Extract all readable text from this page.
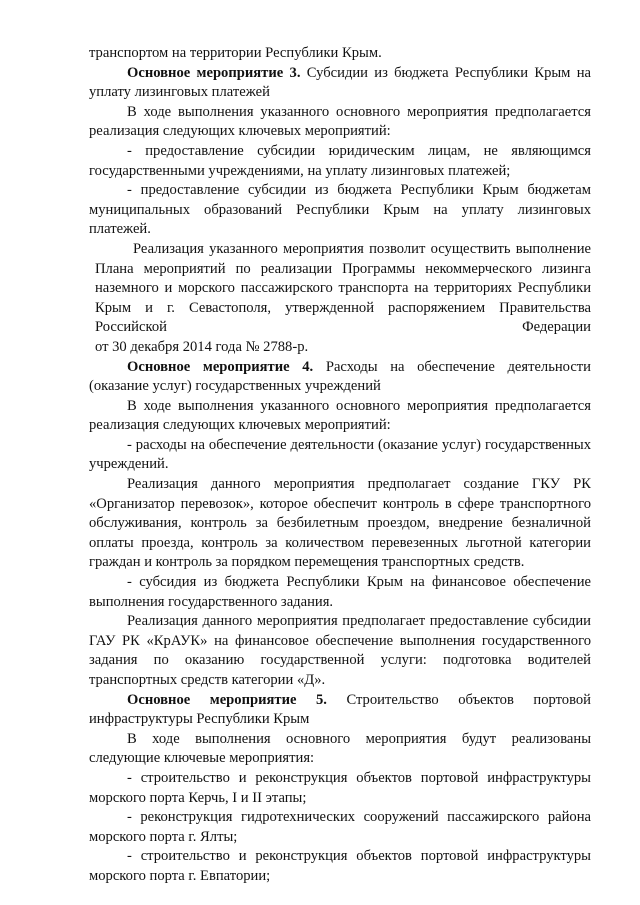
транспортом на территории Республики Крым.

Основное мероприятие 3. Субсидии из бюджета Республики Крым на уплату лизинговых платежей

В ходе выполнения указанного основного мероприятия предполагается реализация следующих ключевых мероприятий:

- предоставление субсидии юридическим лицам, не являющимся государственными учреждениями, на уплату лизинговых платежей;

- предоставление субсидии из бюджета Республики Крым бюджетам муниципальных образований Республики Крым на уплату лизинговых платежей.

Реализация указанного мероприятия позволит осуществить выполнение Плана мероприятий по реализации Программы некоммерческого лизинга наземного и морского пассажирского транспорта на территориях Республики Крым и г. Севастополя, утвержденной распоряжением Правительства Российской Федерации
от 30 декабря 2014 года № 2788-р.

Основное мероприятие 4. Расходы на обеспечение деятельности (оказание услуг) государственных учреждений

В ходе выполнения указанного основного мероприятия предполагается реализация следующих ключевых мероприятий:

- расходы на обеспечение деятельности (оказание услуг) государственных учреждений.

Реализация данного мероприятия предполагает создание ГКУ РК «Организатор перевозок», которое обеспечит контроль в сфере транспортного обслуживания, контроль за безбилетным проездом, внедрение безналичной оплаты проезда, контроль за количеством перевезенных льготной категории граждан и контроль за порядком перемещения транспортных средств.

- субсидия из бюджета Республики Крым на финансовое обеспечение выполнения государственного задания.

Реализация данного мероприятия предполагает предоставление субсидии ГАУ РК «КрАУК» на финансовое обеспечение выполнения государственного задания по оказанию государственной услуги: подготовка водителей транспортных средств категории «Д».

Основное мероприятие 5. Строительство объектов портовой инфраструктуры Республики Крым

В ходе выполнения основного мероприятия будут реализованы следующие ключевые мероприятия:

- строительство и реконструкция объектов портовой инфраструктуры морского порта Керчь, I и II этапы;

- реконструкция гидротехнических сооружений пассажирского района морского порта г. Ялты;

- строительство и реконструкция объектов портовой инфраструктуры морского порта г. Евпатории;
